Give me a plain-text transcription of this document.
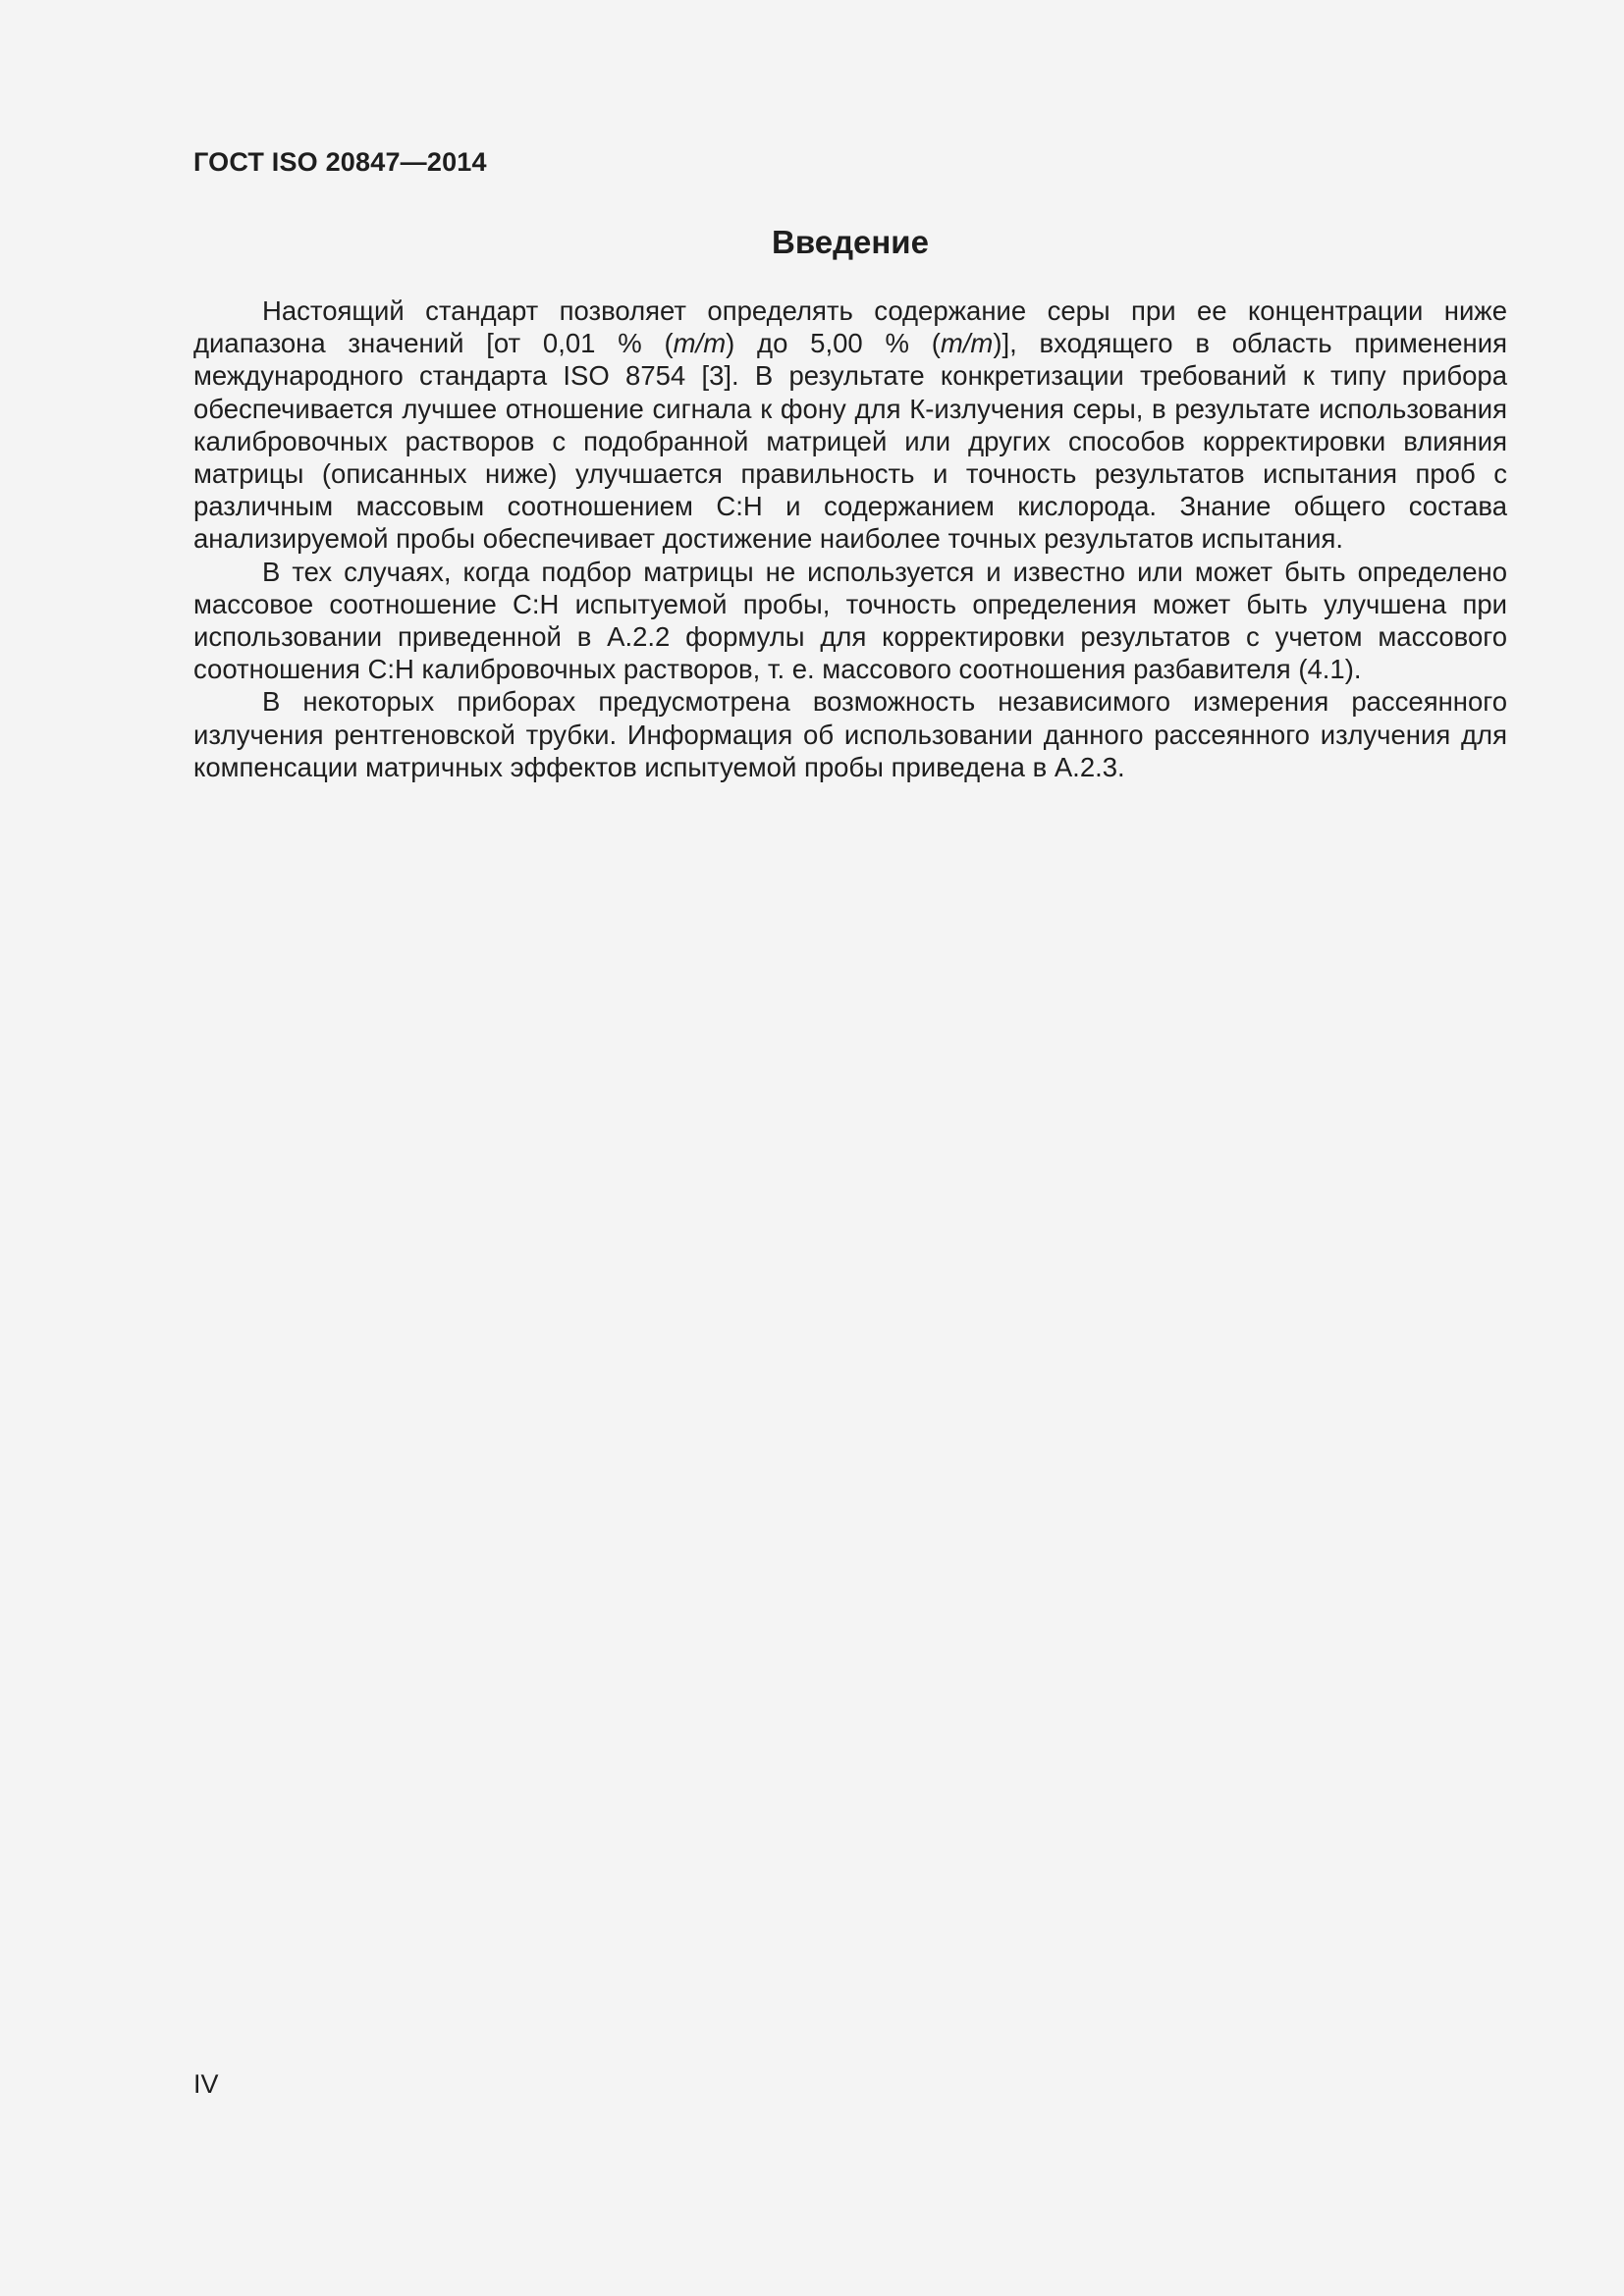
ГОСТ ISO 20847—2014
Введение

Настоящий стандарт позволяет определять содержание серы при ее концентрации ниже диапазона значений [от 0,01 % (m/m) до 5,00 % (m/m)], входящего в область применения международного стандарта ISO 8754 [3]. В результате конкретизации требований к типу прибора обеспечивается лучшее отношение сигнала к фону для К-излучения серы, в результате использования калибровочных растворов с подобранной матрицей или других способов корректировки влияния матрицы (описанных ниже) улучшается правильность и точность результатов испытания проб с различным массовым соотношением С:Н и содержанием кислорода. Знание общего состава анализируемой пробы обеспечивает достижение наиболее точных результатов испытания.

В тех случаях, когда подбор матрицы не используется и известно или может быть определено массовое соотношение С:Н испытуемой пробы, точность определения может быть улучшена при использовании приведенной в А.2.2 формулы для корректировки результатов с учетом массового соотношения С:Н калибровочных растворов, т. е. массового соотношения разбавителя (4.1).

В некоторых приборах предусмотрена возможность независимого измерения рассеянного излучения рентгеновской трубки. Информация об использовании данного рассеянного излучения для компенсации матричных эффектов испытуемой пробы приведена в А.2.3.

IV
